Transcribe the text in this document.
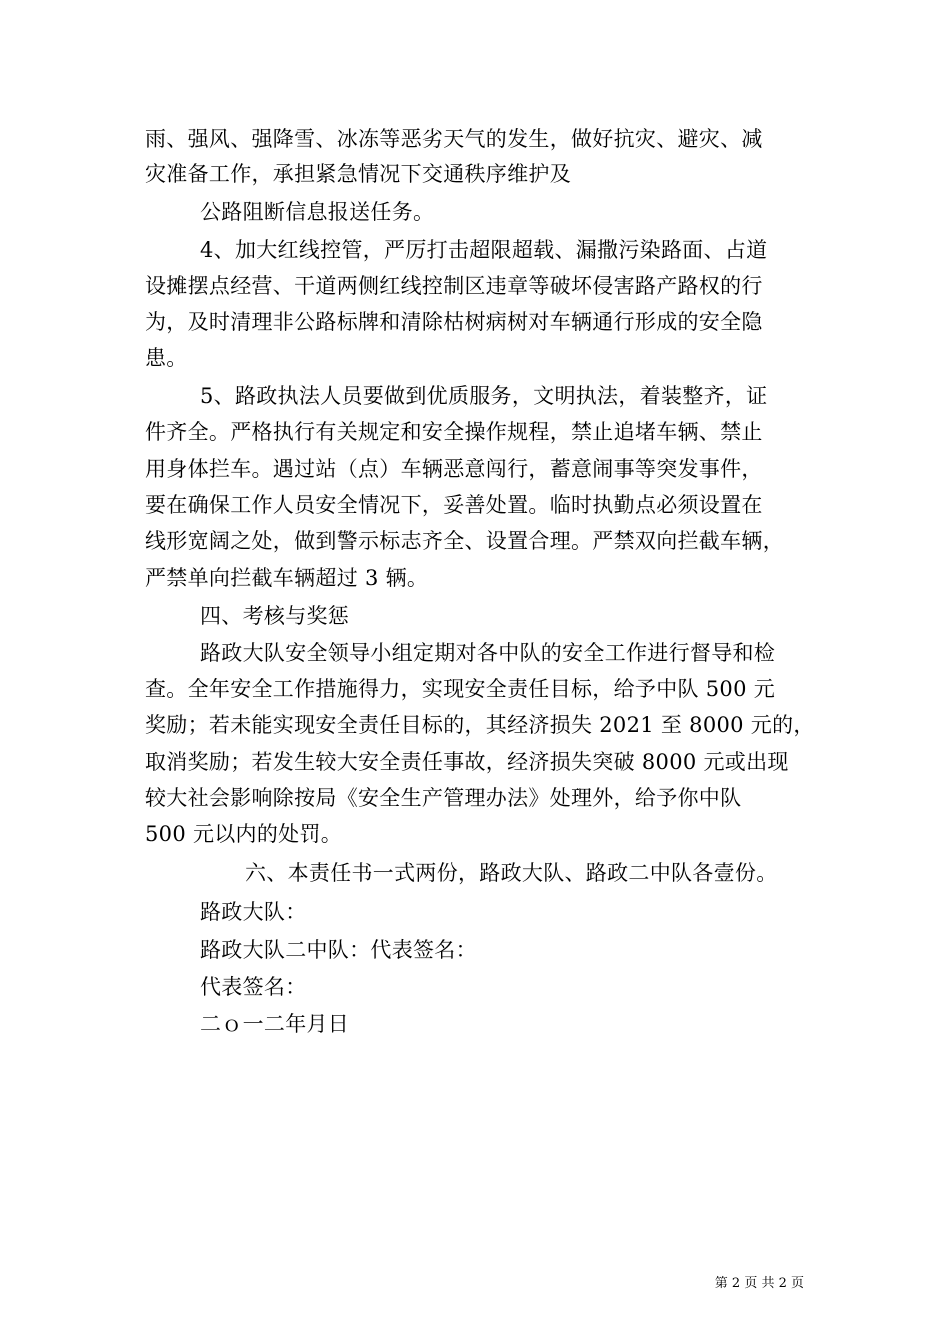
雨、强风、强降雪、冰冻等恶劣天气的发生，做好抗灾、避灾、减
灾准备工作，承担紧急情况下交通秩序维护及
公路阻断信息报送任务。
4、加大红线控管，严厉打击超限超载、漏撒污染路面、占道
设摊摆点经营、干道两侧红线控制区违章等破坏侵害路产路权的行
为，及时清理非公路标牌和清除枯树病树对车辆通行形成的安全隐
患。
5、路政执法人员要做到优质服务，文明执法，着装整齐，证
件齐全。严格执行有关规定和安全操作规程，禁止追堵车辆、禁止
用身体拦车。遇过站（点）车辆恶意闯行，蓄意闹事等突发事件，
要在确保工作人员安全情况下，妥善处置。临时执勤点必须设置在
线形宽阔之处，做到警示标志齐全、设置合理。严禁双向拦截车辆，
严禁单向拦截车辆超过 3 辆。
四、考核与奖惩
路政大队安全领导小组定期对各中队的安全工作进行督导和检
查。全年安全工作措施得力，实现安全责任目标，给予中队 500 元
奖励；若未能实现安全责任目标的，其经济损失 2021 至 8000 元的，
取消奖励；若发生较大安全责任事故，经济损失突破 8000 元或出现
较大社会影响除按局《安全生产管理办法》处理外，给予你中队
500 元以内的处罚。
六、本责任书一式两份，路政大队、路政二中队各壹份。
路政大队：
路政大队二中队：代表签名：
代表签名：
二ｏ一二年月日
第 2 页 共 2 页
